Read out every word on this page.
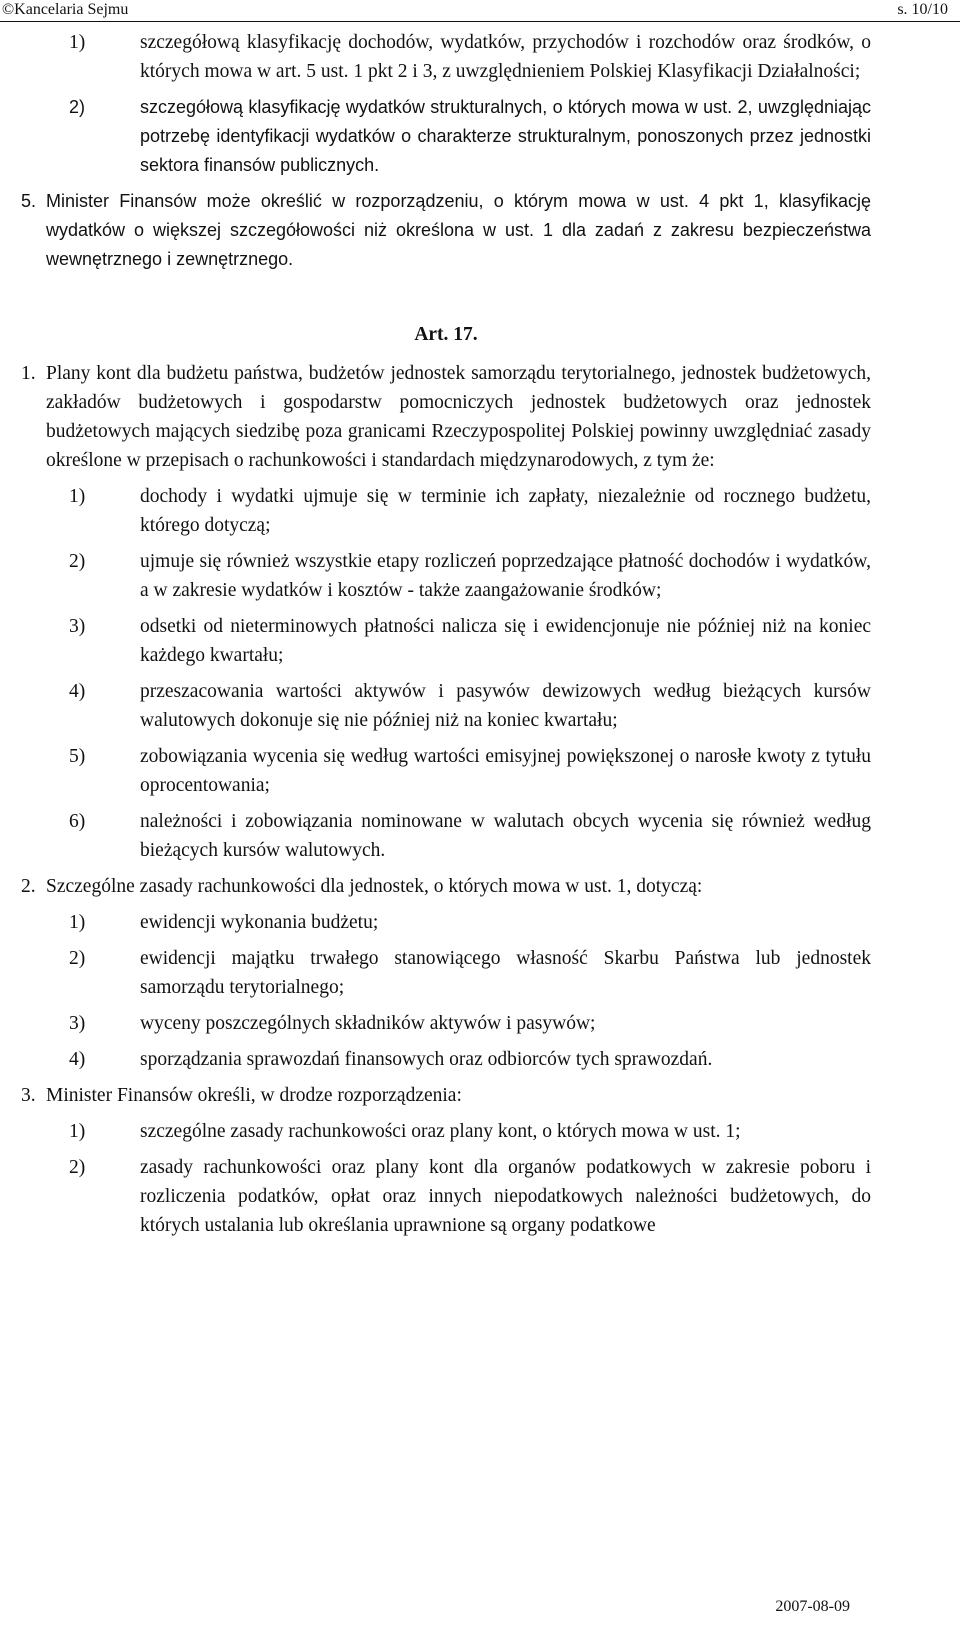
©Kancelaria Sejmu	s. 10/10
1)	szczegółową klasyfikację dochodów, wydatków, przychodów i rozchodów oraz środków, o których mowa w art. 5 ust. 1 pkt 2 i 3, z uwzględnieniem Polskiej Klasyfikacji Działalności;
2)	szczegółową klasyfikację wydatków strukturalnych, o których mowa w ust. 2, uwzględniając potrzebę identyfikacji wydatków o charakterze strukturalnym, ponoszonych przez jednostki sektora finansów publicznych.
5. Minister Finansów może określić w rozporządzeniu, o którym mowa w ust. 4 pkt 1, klasyfikację wydatków o większej szczegółowości niż określona w ust. 1 dla zadań z zakresu bezpieczeństwa wewnętrznego i zewnętrznego.
Art. 17.
1. Plany kont dla budżetu państwa, budżetów jednostek samorządu terytorialnego, jednostek budżetowych, zakładów budżetowych i gospodarstw pomocniczych jednostek budżetowych oraz jednostek budżetowych mających siedzibę poza granicami Rzeczypospolitej Polskiej powinny uwzględniać zasady określone w przepisach o rachunkowości i standardach międzynarodowych, z tym że:
1)	dochody i wydatki ujmuje się w terminie ich zapłaty, niezależnie od rocznego budżetu, którego dotyczą;
2)	ujmuje się również wszystkie etapy rozliczeń poprzedzające płatność dochodów i wydatków, a w zakresie wydatków i kosztów - także zaangażowanie środków;
3)	odsetki od nieterminowych płatności nalicza się i ewidencjonuje nie później niż na koniec każdego kwartału;
4)	przeszacowania wartości aktywów i pasywów dewizowych według bieżących kursów walutowych dokonuje się nie później niż na koniec kwartału;
5)	zobowiązania wycenia się według wartości emisyjnej powiększonej o narosłe kwoty z tytułu oprocentowania;
6)	należności i zobowiązania nominowane w walutach obcych wycenia się również według bieżących kursów walutowych.
2. Szczególne zasady rachunkowości dla jednostek, o których mowa w ust. 1, dotyczą:
1)	ewidencji wykonania budżetu;
2)	ewidencji majątku trwałego stanowiącego własność Skarbu Państwa lub jednostek samorządu terytorialnego;
3)	wyceny poszczególnych składników aktywów i pasywów;
4)	sporządzania sprawozdań finansowych oraz odbiorców tych sprawozdań.
3. Minister Finansów określi, w drodze rozporządzenia:
1)	szczególne zasady rachunkowości oraz plany kont, o których mowa w ust. 1;
2)	zasady rachunkowości oraz plany kont dla organów podatkowych w zakresie poboru i rozliczenia podatków, opłat oraz innych niepodatkowych należności budżetowych, do których ustalania lub określania uprawnione są organy podatkowe
2007-08-09
